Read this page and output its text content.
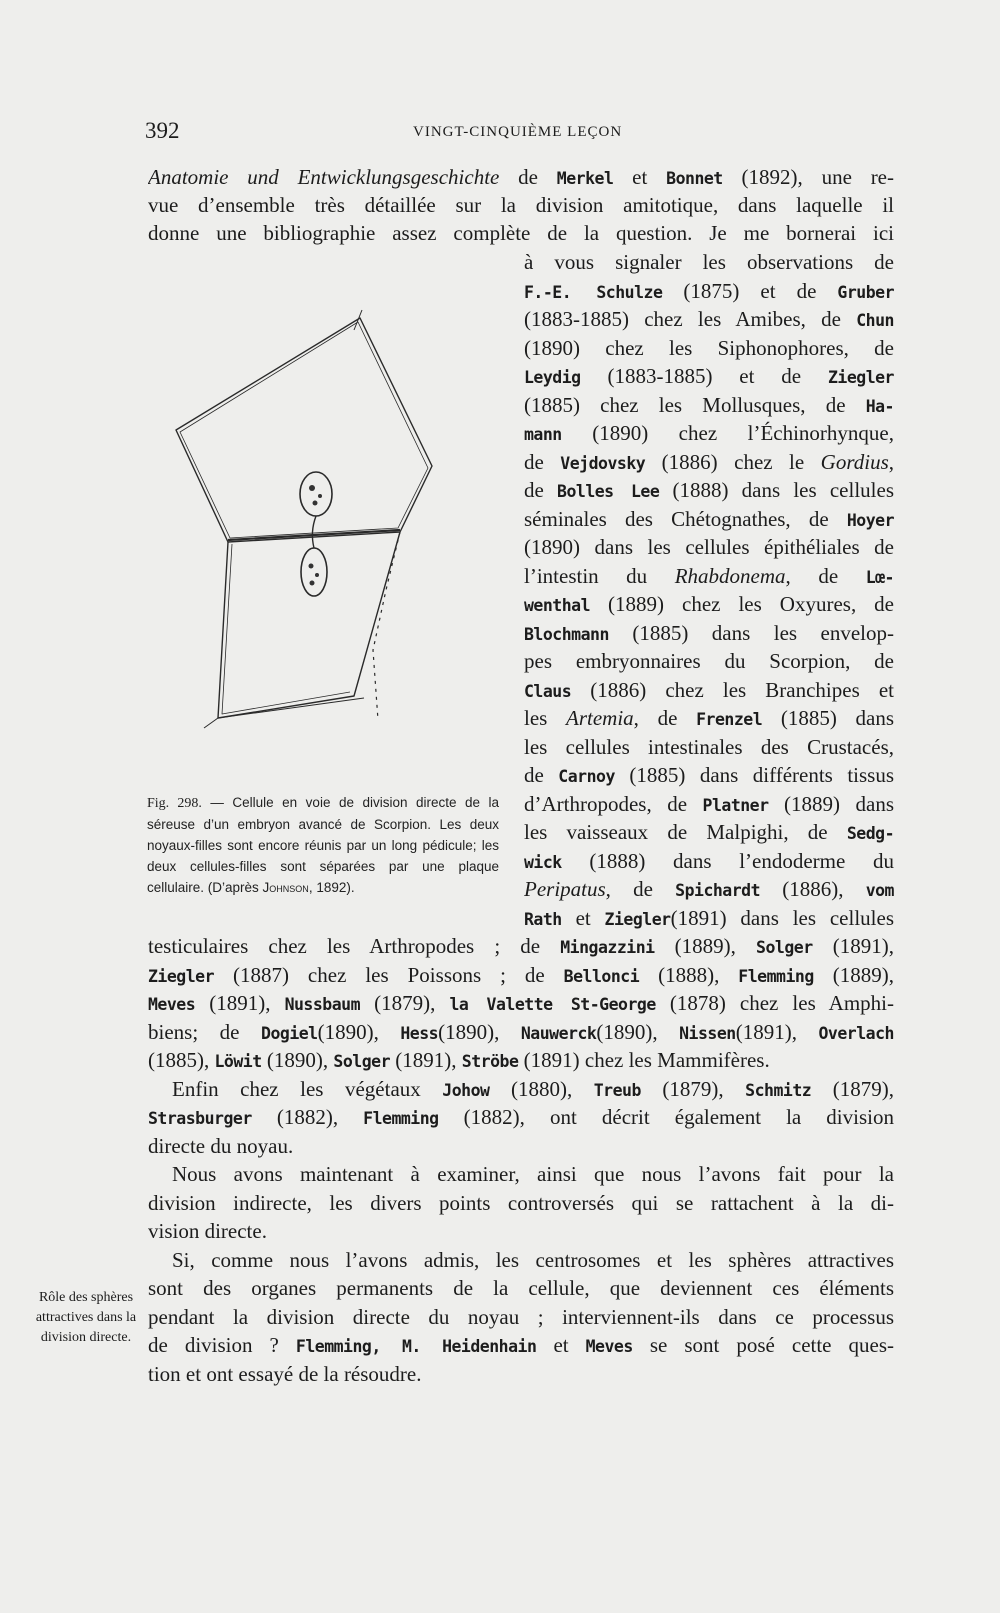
392	VINGT-CINQUIÈME LEÇON
Anatomie und Entwicklungsgeschichte de Merkel et Bonnet (1892), une re-
vue d’ensemble très détaillée sur la division amitotique, dans laquelle il
donne une bibliographie assez complète de la question. Je me bornerai ici
à vous signaler les observations de
F.-E. Schulze (1875) et de Gruber
(1883-1885) chez les Amibes, de Chun
(1890) chez les Siphonophores, de
Leydig (1883-1885) et de Ziegler
(1885) chez les Mollusques, de Ha-
mann (1890) chez l’Échinorhynque,
de Vejdovsky (1886) chez le Gordius,
de Bolles Lee (1888) dans les cellules
séminales des Chétognathes, de Hoyer
(1890) dans les cellules épithéliales de
l’intestin du Rhabdonema, de Lœ-
wenthal (1889) chez les Oxyures, de
Blochmann (1885) dans les envelop-
pes embryonnaires du Scorpion, de
Claus (1886) chez les Branchipes et
les Artemia, de Frenzel (1885) dans
les cellules intestinales des Crustacés,
de Carnoy (1885) dans différents tissus
d’Arthropodes, de Platner (1889) dans
les vaisseaux de Malpighi, de Sedg-
wick (1888) dans l’endoderme du
Peripatus, de Spichardt (1886), vom
Rath et Ziegler(1891) dans les cellules
testiculaires chez les Arthropodes ; de Mingazzini (1889), Solger (1891),
Ziegler (1887) chez les Poissons ; de Bellonci (1888), Flemming (1889),
Meves (1891), Nussbaum (1879), la Valette St-George (1878) chez les Amphi-
biens; de Dogiel(1890), Hess(1890), Nauwerck(1890), Nissen(1891), Overlach
(1885), Löwit (1890), Solger (1891), Ströbe (1891) chez les Mammifères.
Enfin chez les végétaux Johow (1880), Treub (1879), Schmitz (1879),
Strasburger (1882), Flemming (1882), ont décrit également la division
directe du noyau.
Nous avons maintenant à examiner, ainsi que nous l’avons fait pour la
division indirecte, les divers points controversés qui se rattachent à la di-
vision directe.
Si, comme nous l’avons admis, les centrosomes et les sphères attractives
sont des organes permanents de la cellule, que deviennent ces éléments
pendant la division directe du noyau ; interviennent-ils dans ce processus
de division ? Flemming, M. Heidenhain et Meves se sont posé cette ques-
tion et ont essayé de la résoudre.
Fig. 298. — Cellule en voie de division directe de la séreuse d’un embryon avancé de Scorpion. Les deux noyaux-filles sont encore réunis par un long pédicule; les deux cellules-filles sont séparées par une plaque cellulaire. (D’après Johnson, 1892).
Rôle des sphères attractives dans la division directe.
